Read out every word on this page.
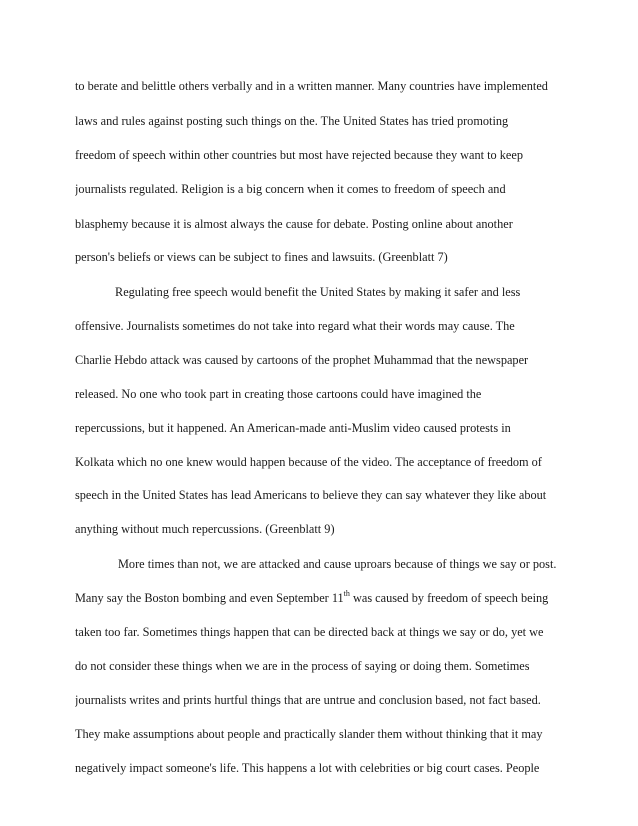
to berate and belittle others verbally and in a written manner. Many countries have implemented
laws and rules against posting such things on the. The United States has tried promoting
freedom of speech within other countries but most have rejected because they want to keep
journalists regulated. Religion is a big concern when it comes to freedom of speech and
blasphemy because it is almost always the cause for debate. Posting online about another
person's beliefs or views can be subject to fines and lawsuits. (Greenblatt 7)
Regulating free speech would benefit the United States by making it safer and less
offensive. Journalists sometimes do not take into regard what their words may cause. The
Charlie Hebdo attack was caused by cartoons of the prophet Muhammad that the newspaper
released. No one who took part in creating those cartoons could have imagined the
repercussions, but it happened. An American-made anti-Muslim video caused protests in
Kolkata which no one knew would happen because of the video. The acceptance of freedom of
speech in the United States has lead Americans to believe they can say whatever they like about
anything without much repercussions. (Greenblatt 9)
More times than not, we are attacked and cause uproars because of things we say or post.
Many say the Boston bombing and even September 11th was caused by freedom of speech being
taken too far. Sometimes things happen that can be directed back at things we say or do, yet we
do not consider these things when we are in the process of saying or doing them. Sometimes
journalists writes and prints hurtful things that are untrue and conclusion based, not fact based.
They make assumptions about people and practically slander them without thinking that it may
negatively impact someone's life. This happens a lot with celebrities or big court cases. People
